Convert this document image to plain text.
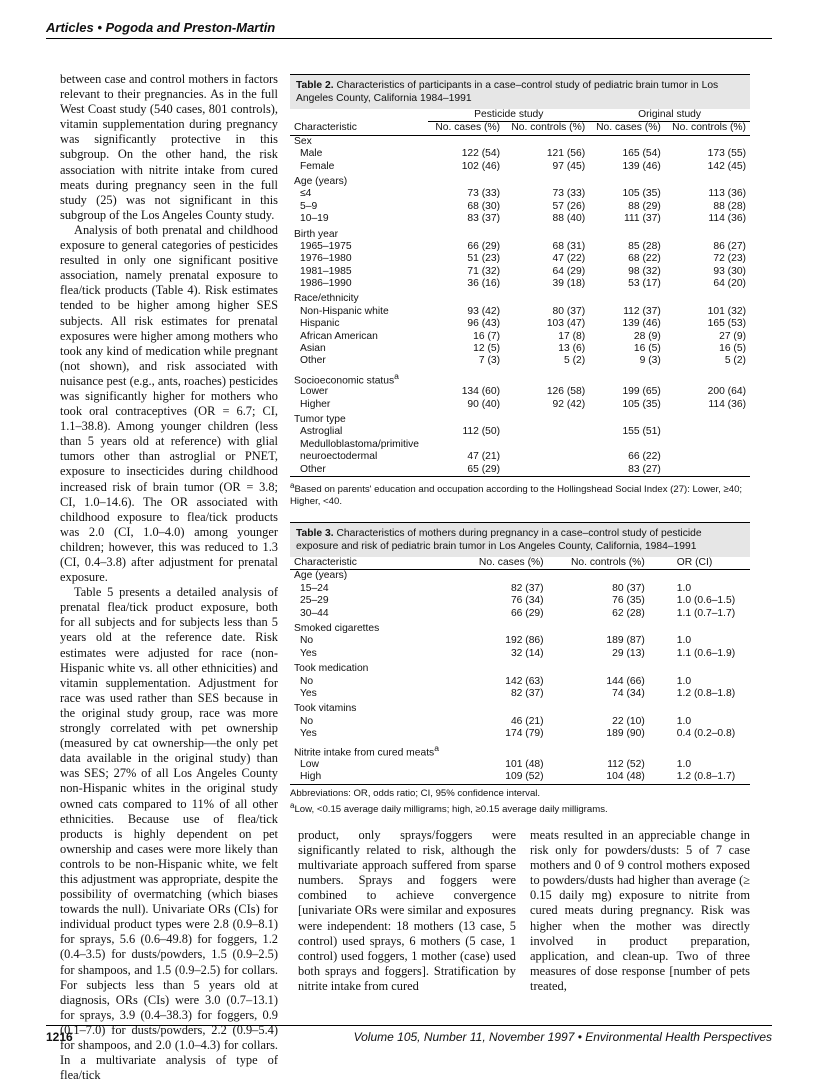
Articles • Pogoda and Preston-Martin

between case and control mothers in factors relevant to their pregnancies. As in the full West Coast study (540 cases, 801 controls), vitamin supplementation during pregnancy was significantly protective in this subgroup. On the other hand, the risk association with nitrite intake from cured meats during pregnancy seen in the full study (25) was not significant in this subgroup of the Los Angeles County study.

Analysis of both prenatal and childhood exposure to general categories of pesticides resulted in only one significant positive association, namely prenatal exposure to flea/tick products (Table 4). Risk estimates tended to be higher among higher SES subjects. All risk estimates for prenatal exposures were higher among mothers who took any kind of medication while pregnant (not shown), and risk associated with nuisance pest (e.g., ants, roaches) pesticides was significantly higher for mothers who took oral contraceptives (OR = 6.7; CI, 1.1–38.8). Among younger children (less than 5 years old at reference) with glial tumors other than astroglial or PNET, exposure to insecticides during childhood increased risk of brain tumor (OR = 3.8; CI, 1.0–14.6). The OR associated with childhood exposure to flea/tick products was 2.0 (CI, 1.0–4.0) among younger children; however, this was reduced to 1.3 (CI, 0.4–3.8) after adjustment for prenatal exposure.

Table 5 presents a detailed analysis of prenatal flea/tick product exposure, both for all subjects and for subjects less than 5 years old at the reference date. Risk estimates were adjusted for race (non-Hispanic white vs. all other ethnicities) and vitamin supplementation. Adjustment for race was used rather than SES because in the original study group, race was more strongly correlated with pet ownership (measured by cat ownership—the only pet data available in the original study) than was SES; 27% of all Los Angeles County non-Hispanic whites in the original study owned cats compared to 11% of all other ethnicities. Because use of flea/tick products is highly dependent on pet ownership and cases were more likely than controls to be non-Hispanic white, we felt this adjustment was appropriate, despite the possibility of overmatching (which biases towards the null). Univariate ORs (CIs) for individual product types were 2.8 (0.9–8.1) for sprays, 5.6 (0.6–49.8) for foggers, 1.2 (0.4–3.5) for dusts/powders, 1.5 (0.9–2.5) for shampoos, and 1.5 (0.9–2.5) for collars. For subjects less than 5 years old at diagnosis, ORs (CIs) were 3.0 (0.7–13.1) for sprays, 3.9 (0.4–38.3) for foggers, 0.9 (0.1–7.0) for dusts/powders, 2.2 (0.9–5.4) for shampoos, and 2.0 (1.0–4.3) for collars. In a multivariate analysis of type of flea/tick

Table 2. Characteristics of participants in a case–control study of pediatric brain tumor in Los Angeles County, California 1984–1991
	Pesticide study		Original study	
Characteristic	No. cases (%)	No. controls (%)	No. cases (%)	No. controls (%)
Sex				
Male	122 (54)	121 (56)	165 (54)	173 (55)
Female	102 (46)	97 (45)	139 (46)	142 (45)
Age (years)				
≤4	73 (33)	73 (33)	105 (35)	113 (36)
5–9	68 (30)	57 (26)	88 (29)	88 (28)
10–19	83 (37)	88 (40)	111 (37)	114 (36)
Birth year				
1965–1975	66 (29)	68 (31)	85 (28)	86 (27)
1976–1980	51 (23)	47 (22)	68 (22)	72 (23)
1981–1985	71 (32)	64 (29)	98 (32)	93 (30)
1986–1990	36 (16)	39 (18)	53 (17)	64 (20)
Race/ethnicity				
Non-Hispanic white	93 (42)	80 (37)	112 (37)	101 (32)
Hispanic	96 (43)	103 (47)	139 (46)	165 (53)
African American	16 (7)	17 (8)	28 (9)	27 (9)
Asian	12 (5)	13 (6)	16 (5)	16 (5)
Other	7 (3)	5 (2)	9 (3)	5 (2)
Socioeconomic status$^a$
Lower	134 (60)	126 (58)	199 (65)	200 (64)
Higher	90 (40)	92 (42)	105 (35)	114 (36)
Tumor type				
Astroglial	112 (50)		155 (51)	
Medulloblastoma/primitive				
neuroectodermal	47 (21)		66 (22)	
Other	65 (29)		83 (27)	
$^a$Based on parents' education and occupation according to the Hollingshead Social Index (27): Lower, ≥40; Higher, <40.
Table 3. Characteristics of mothers during pregnancy in a case–control study of pesticide exposure and risk of pediatric brain tumor in Los Angeles County, California, 1984–1991
Characteristic	No. cases (%)	No. controls (%)	OR (CI)
Age (years)			
15–24	82 (37)	80 (37)	1.0
25–29	76 (34)	76 (35)	1.0 (0.6–1.5)
30–44	66 (29)	62 (28)	1.1 (0.7–1.7)
Smoked cigarettes			
No	192 (86)	189 (87)	1.0
Yes	32 (14)	29 (13)	1.1 (0.6–1.9)
Took medication			
No	142 (63)	144 (66)	1.0
Yes	82 (37)	74 (34)	1.2 (0.8–1.8)
Took vitamins			
No	46 (21)	22 (10)	1.0
Yes	174 (79)	189 (90)	0.4 (0.2–0.8)
Nitrite intake from cured meats$^a$
Low	101 (48)	112 (52)	1.0
High	109 (52)	104 (48)	1.2 (0.8–1.7)
Abbreviations: OR, odds ratio; CI, 95% confidence interval.
$^a$Low, <0.15 average daily milligrams; high, ≥0.15 average daily milligrams.
product, only sprays/foggers were significantly related to risk, although the multivariate approach suffered from sparse numbers. Sprays and foggers were combined to achieve convergence [univariate ORs were similar and exposures were independent: 18 mothers (13 case, 5 control) used sprays, 6 mothers (5 case, 1 control) used foggers, 1 mother (case) used both sprays and foggers]. Stratification by nitrite intake from cured
meats resulted in an appreciable change in risk only for powders/dusts: 5 of 7 case mothers and 0 of 9 control mothers exposed to powders/dusts had higher than average (≥ 0.15 daily mg) exposure to nitrite from cured meats during pregnancy. Risk was higher when the mother was directly involved in product preparation, application, and clean-up. Two of three measures of dose response [number of pets treated,
1216	Volume 105, Number 11, November 1997 • Environmental Health Perspectives
